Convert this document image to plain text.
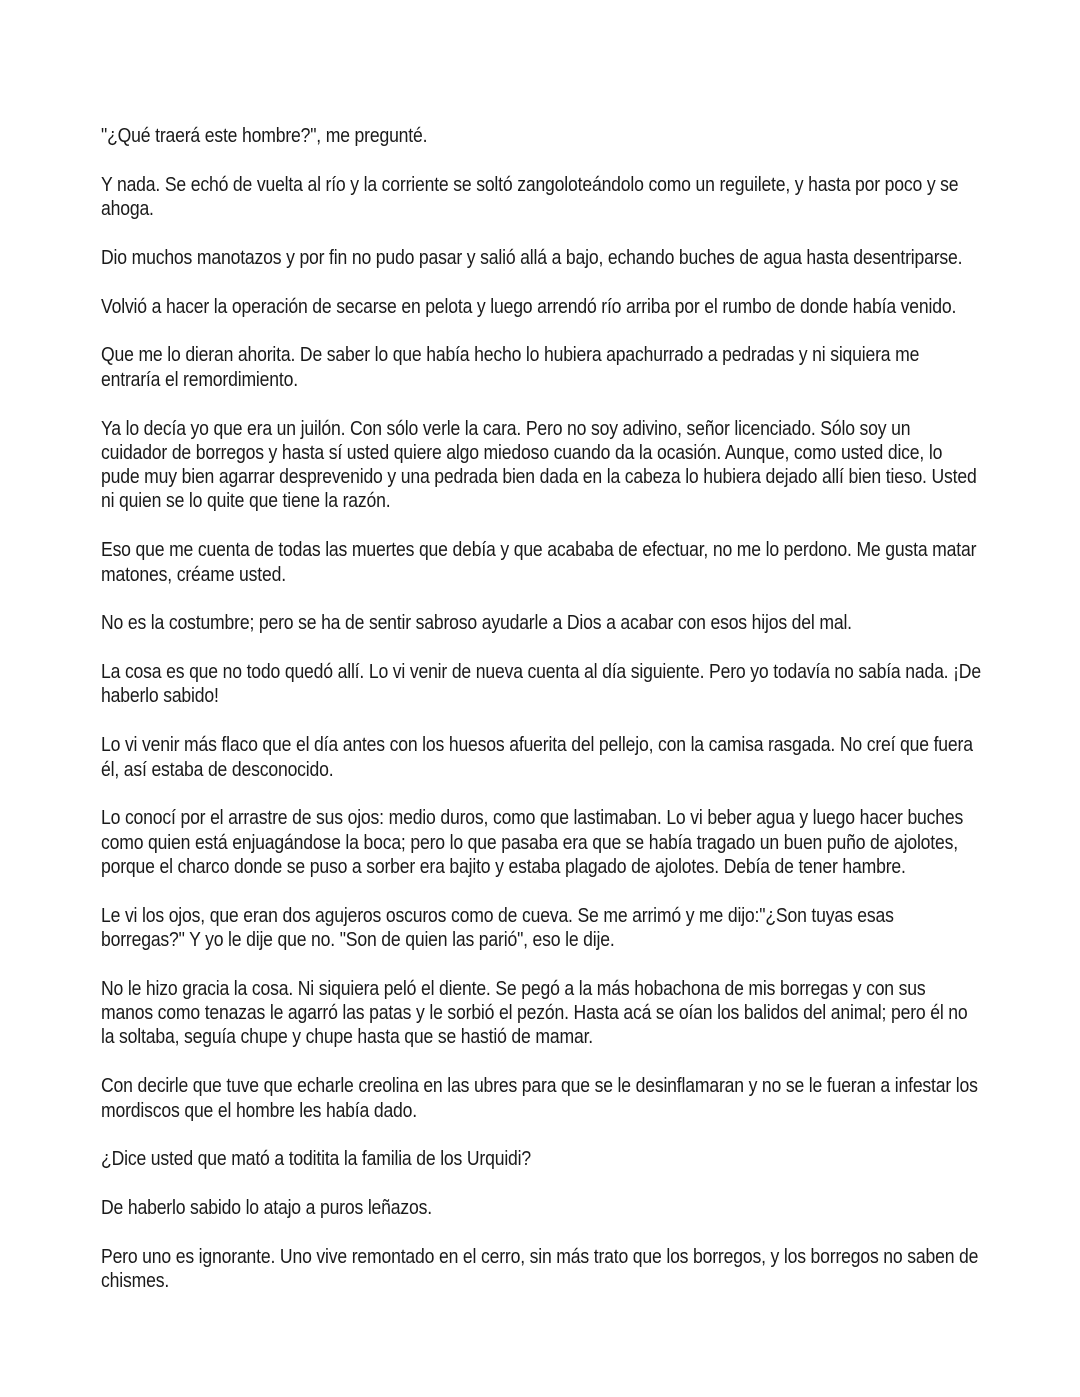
"¿Qué traerá este hombre?", me pregunté.

Y nada. Se echó de vuelta al río y la corriente se soltó zangoloteándolo como un reguilete, y hasta por poco y se ahoga.

Dio muchos manotazos y por fin no pudo pasar y salió allá a bajo, echando buches de agua hasta desentriparse.

Volvió a hacer la operación de secarse en pelota y luego arrendó río arriba por el rumbo de donde había venido.

Que me lo dieran ahorita. De saber lo que había hecho lo hubiera apachurrado a pedradas y ni siquiera me entraría el remordimiento.

Ya lo decía yo que era un juilón. Con sólo verle la cara. Pero no soy adivino, señor licenciado. Sólo soy un cuidador de borregos y hasta sí usted quiere algo miedoso cuando da la ocasión. Aunque, como usted dice, lo pude muy bien agarrar desprevenido y una pedrada bien dada en la cabeza lo hubiera dejado allí bien tieso. Usted ni quien se lo quite que tiene la razón.

Eso que me cuenta de todas las muertes que debía y que acababa de efectuar, no me lo perdono. Me gusta matar matones, créame usted.

No es la costumbre; pero se ha de sentir sabroso ayudarle a Dios a acabar con esos hijos del mal.

La cosa es que no todo quedó allí. Lo vi venir de nueva cuenta al día siguiente. Pero yo todavía no sabía nada. ¡De haberlo sabido!

Lo vi venir más flaco que el día antes con los huesos afuerita del pellejo, con la camisa rasgada. No creí que fuera él, así estaba de desconocido.

Lo conocí por el arrastre de sus ojos: medio duros, como que lastimaban. Lo vi beber agua y luego hacer buches como quien está enjuagándose la boca; pero lo que pasaba era que se había tragado un buen puño de ajolotes, porque el charco donde se puso a sorber era bajito y estaba plagado de ajolotes. Debía de tener hambre.

Le vi los ojos, que eran dos agujeros oscuros como de cueva. Se me arrimó y me dijo:"¿Son tuyas esas borregas?" Y yo le dije que no. "Son de quien las parió", eso le dije.

No le hizo gracia la cosa. Ni siquiera peló el diente. Se pegó a la más hobachona de mis borregas y con sus manos como tenazas le agarró las patas y le sorbió el pezón. Hasta acá se oían los balidos del animal; pero él no la soltaba, seguía chupe y chupe hasta que se hastió de mamar.

Con decirle que tuve que echarle creolina en las ubres para que se le desinflamaran y no se le fueran a infestar los mordiscos que el hombre les había dado.

¿Dice usted que mató a toditita la familia de los Urquidi?

De haberlo sabido lo atajo a puros leñazos.

Pero uno es ignorante. Uno vive remontado en el cerro, sin más trato que los borregos, y los borregos no saben de chismes.
